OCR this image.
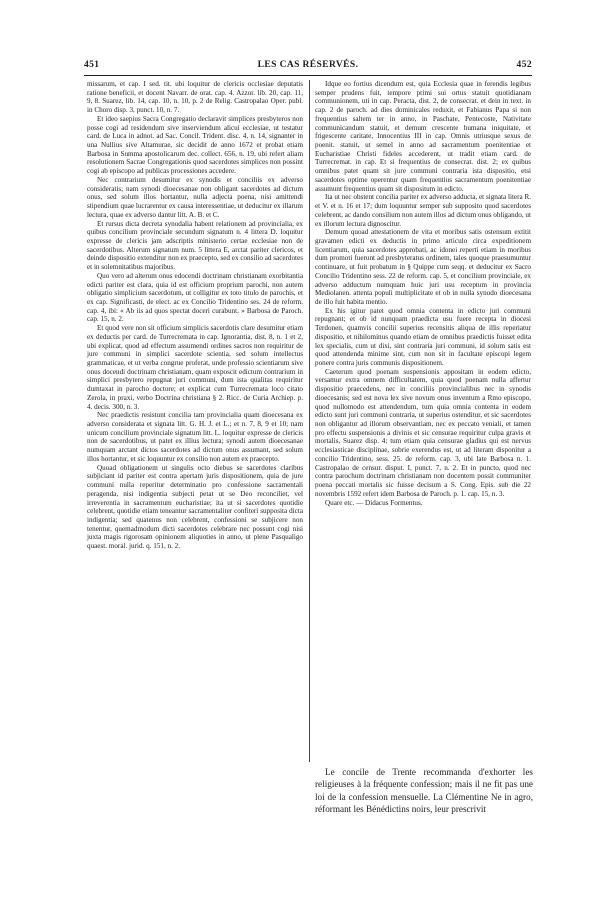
451	LES CAS RÉSERVÉS.	452

missarum, et cap. I sed. tit. ubi loquitur de clericis occlesiae deputatis ratione beneficii, et docent Navarr. de orat. cap. 4. Azzor. lib. 20, cap. 11, 9, 8. Suarez, lib. 14, cap. 10, n. 10, p. 2 de Relig. Castropalao Oper. publ. in Choro disp. 3, punct. 10, n. 7.

Et ideo saepius Sacra Congregatio declaravit simplices presbyteros non posse cogi ad residendum sive inserviendum alicui ecclesiae, ut testatur card. de Luca in adnot. ad Sac. Concil. Trident. disc. 4, n. 14, signanter in una Nullius sive Altamurae, sic decidit de anno 1672 et probat etiam Barbosa in Summa apostolicarum dec. collect. 656, n. 19, ubi refert aliam resolutionem Sacrae Congregationis quod sacerdotes simplices non possint cogi ab episcopo ad publicas processiones accedere.

Nec contrarium desumitur ex synodis et conciliis ex adverso consideratis; nam synodi dioecesanae non obligant sacerdotes ad dictum onus, sed solum illos hortantur, nulla adjecta poena, nisi amittendi stipendium quae lucrarentur ex causa interessentiae, ut deducitur ex illarum lectura, quae ex adverso dantur litt. A. B. et C.

Et rursus dicta decreta synodalia habent relationem ad provincialia, ex quibus concilium provinciale secundum signatum n. 4 littera D. loquitur expresse de clericis jam adscriptis ministerio certae ecclesiae non de sacerdotibus. Alterum signatum num. 5 littera E, arctat pariter clericos, et deinde dispositio extenditur non ex praecepto, sed ex consilio ad sacerdotes et in solemnitatibus majoribus.

Quo vero ad alterum onus edocendi doctrinam christianam exorbitantia edicti pariter est clara, quia id est officium proprium parochi, non autem obligatio simplicium sacerdotum, ut colligitur ex toto titulo de parochis, et ex cap. Significasti, de elect. ac ex Concilio Tridentino ses. 24 de reform. cap. 4, ibi: « Ab iis ad quos spectat doceri curabunt. » Barbosa de Paroch. cap. 15, n. 2.

Et quod vere non sit officium simplicis sacerdotis clare desumitur etiam ex deductis per card. de Turrecremata in cap. Ignorantia, dist. 8, n. 1 et 2, ubi explicat, quod ad effectum assumendi ordines sacros non requiritur de jure communi in simplici sacerdote scientia, sed solum intellectus grammaticae, et ut verba congrue proferat, unde professio scientiarum sive onus docendi doctrinam christianam, quam exposcit edictum contrarium in simplici presbytero repugnat juri communi, dum ista qualitas requiritur dumtaxat in parocho doctore; et explicat cum Turrecremata loco citato Zerola, in praxi, verbo Doctrina christiana § 2. Ricc. de Curia Archiep. p. 4. decis. 300, n. 3.

Nec praedictis resistunt concilia tam provincialia quam dioecesana ex adverso considerata et signata litt. G. H. J. et L.; et n. 7, 8, 9 et 10; nam unicum concilium provinciale signatum litt. L. loquitur expresse de clericis non de sacerdotibus, ut patet ex illius lectura; synodi autem dioecesanae numquam arctant dictos sacerdotes ad dictum onus assumant, sed solum illos hortantur, et sic loquuntur ex consilio non autem ex praecepto.

Quoad obligationem ut singulis octo diebus se sacerdotes claribus subjiciant id pariter est contra apertam juris dispositionem, quia de jure communi nulla reperitur determinatio pro confessione sacramentali peragenda, nisi indigentia subjecti petat ut se Deo reconciliet, vel irreverentia in sacramentum eucharistiae; ita ut si sacerdotes quotidie celebrent, quotidie etiam teneantur sacramentaliter confiteri supposita dicta indigentia; sed quatenus non celebrent, confessioni se subjicere non tenentur, quemadmodum dicti sacerdotes celebrare nec possunt cogi nisi juxta magis rigorosam opinionem aliquoties in anno, ut plene Pasqualigo quaest. moral. jurid. q. 151, n. 2.

Idque eo fortius dicendum est, quia Ecclesia quae in ferendis legibus semper prudens fuit, tempore primi sui ortus statuit quotidianam communionem, uti in cap. Peracta, dist. 2, de consecrat. et dein in text. in cap. 2 de paroch. ad dies dominicales reduxit, et Fabianus Papa si non frequentius saltem ter in anno, in Paschate, Pentecoste, Nativitate communicandum statuit, et demum crescente humana iniquitate, et frigescente caritate, Innocentius III in cap. Omnis utriusque sexus de poenit. statuit, ut semel in anno ad sacramentum poenitentiae et Eucharistiae Christi fideles accederent, ut tradit etiam card. de Turrecremat. in cap. Et si frequentius de consecrat. dist. 2; ex quibus omnibus patet quam sit jure communi contraria ista dispositio, etsi sacerdotes optime operentur quam frequentius sacramentum poenitentiae assumunt frequentius quam sit dispositum in edicto.

Ita ut nec obstent concilia pariter ex adverso adducta, et signata litera R. et V. et n. 16 et 17; dum loquuntur semper sub supposito quod sacerdotes celebrent, ac dando consilium non autem illos ad dictum onus obligando, ut ex illorum lectura dignoscitur.

Demum quoad attestationem de vita et moribus satis ostensum extitit gravamen edicti ex deductis in primo articulo circa expeditionem licentiarum, quia sacerdotes approbati, ac idonei reperti etiam in moribus dum promoti fuerunt ad presbyteratus ordinem, tales quoque praesumuntur continuare, ut fuit probatum in § Quippe cum seqq. et deducitur ex Sacro Concilio Tridentino sess. 22 de reform. cap. 5, et concilium provinciale, ex adverso adductum numquam huic juri usu receptum in provincia Mediolanen. attenta populi multiplicitate et ob in nulla synodo dioecesana de illo fuit habita mentio.

Ex his igitur patet quod omnia contenta in edicto juri communi repugnant; et ob id nunquam praedicta usu fuere recepta in diocesi Terdonen, quamvis concilii superius recensitis aliqua de illis reperiatur dispositio, et nihilominus quando etiam de omnibus praedictis fuisset edita lex specialis, cum ut dixi, sint contraria juri communi, id solum satis est quod attendenda minime sint, cum non sit in facultate episcopi legem ponere contra juris communis dispositionem.

Caeterum quod poenam suspensionis appositam in eodem edicto, versamur extra omnem difficultatem, quia quod poenam nulla affertur dispositio praecedens, nec in conciliis provincialibus nec in synodis dioecesanis; sed est nova lex sive novum onus inventum a Rmo episcopo, quod nullomodo est attendendum, tum quia omnia contenta in eodem edicto sunt juri communi contraria, ut superius ostenditur, et sic sacerdotes non obligantur ad illorum observantiam, nec ex peccato veniali, et tamen pro effectu suspensionis a divinis et sic censurae requiritur culpa gravis et mortalis, Suarez disp. 4; tum etiam quia censurae gladius qui est nervus ecclesiasticae disciplinae, sobrie exerendus est, ut ad literam disponitur a concilio Tridentino, sess. 25. de reform. cap. 3, ubi late Barbosa n. 1. Castropalao de censur. disput. I, punct. 7, n. 2. Et in puncto, quod nec contra parochum doctrinam christianam non docentem possit communiter poena peccati mortalis sic fuisse decisum a S. Cong. Epis. sub die 22 novembris 1592 refert idem Barbosa de Paroch. p. 1. cap. 15, n. 3.

Quare etc. — Didacus Formentus.

Le concile de Trente recommanda d'exhorter les religieuses à la fréquente confession; mais il ne fit pas une loi de la confession mensuelle. La Clémentine Ne in agro, réformant les Bénédictins noirs, leur prescrivit
